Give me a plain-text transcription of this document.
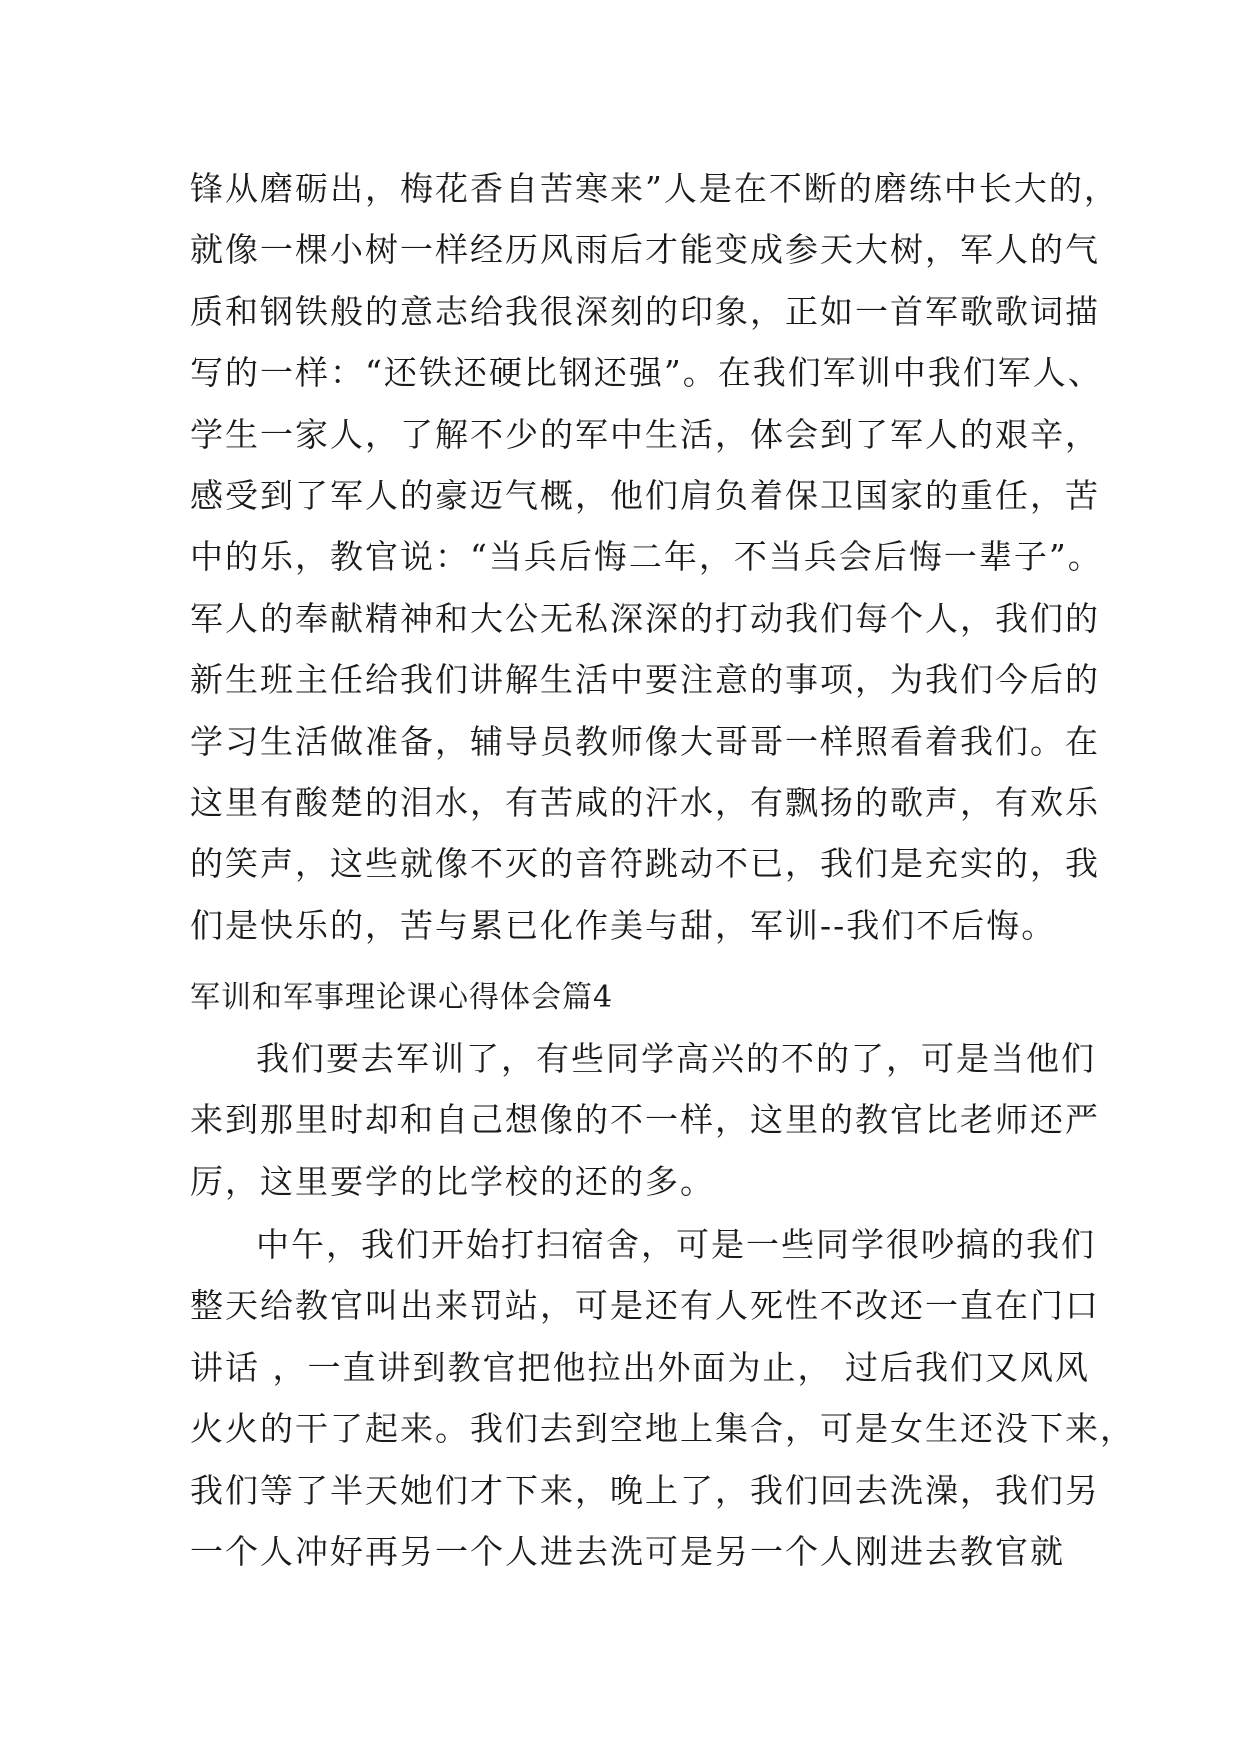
锋从磨砺出，梅花香自苦寒来”人是在不断的磨练中长大的，
就像一棵小树一样经历风雨后才能变成参天大树，军人的气
质和钢铁般的意志给我很深刻的印象，正如一首军歌歌词描
写的一样：“还铁还硬比钢还强”。在我们军训中我们军人、
学生一家人，了解不少的军中生活，体会到了军人的艰辛，
感受到了军人的豪迈气概，他们肩负着保卫国家的重任，苦
中的乐，教官说：“当兵后悔二年，不当兵会后悔一辈子”。
军人的奉献精神和大公无私深深的打动我们每个人，我们的
新生班主任给我们讲解生活中要注意的事项，为我们今后的
学习生活做准备，辅导员教师像大哥哥一样照看着我们。在
这里有酸楚的泪水，有苦咸的汗水，有飘扬的歌声，有欢乐
的笑声，这些就像不灭的音符跳动不已，我们是充实的，我
们是快乐的，苦与累已化作美与甜，军训--我们不后悔。
军训和军事理论课心得体会篇4
我们要去军训了，有些同学高兴的不的了，可是当他们
来到那里时却和自己想像的不一样，这里的教官比老师还严
厉，这里要学的比学校的还的多。
中午，我们开始打扫宿舍，可是一些同学很吵搞的我们
整天给教官叫出来罚站，可是还有人死性不改还一直在门口
讲话 ，一直讲到教官把他拉出外面为止， 过后我们又风风
火火的干了起来。我们去到空地上集合，可是女生还没下来，
我们等了半天她们才下来，晚上了，我们回去洗澡，我们另
一个人冲好再另一个人进去洗可是另一个人刚进去教官就
